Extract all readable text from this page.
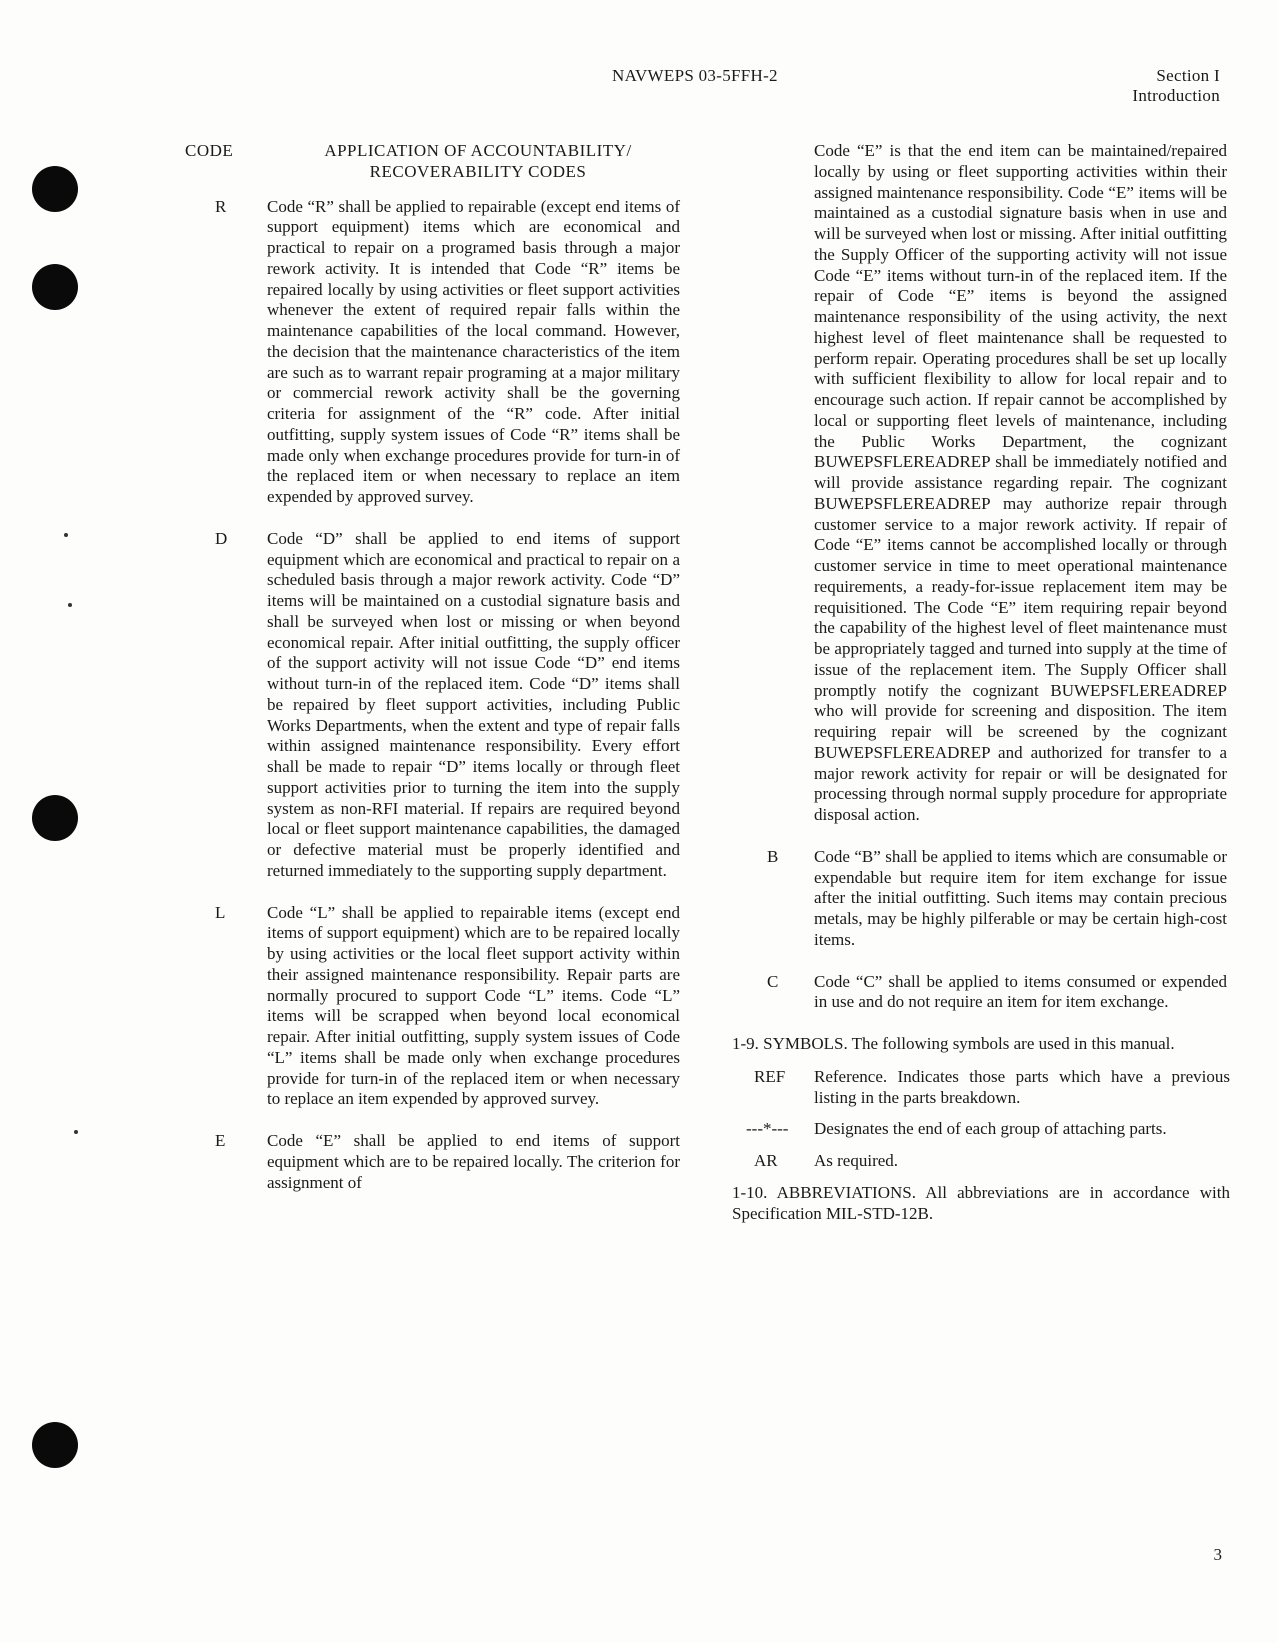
NAVWEPS 03-5FFH-2	Section I
Introduction
CODE	APPLICATION OF ACCOUNTABILITY/
RECOVERABILITY CODES
R	Code “R” shall be applied to repairable (except end items of support equipment) items which are economical and practical to repair on a programed basis through a major rework activity. It is intended that Code “R” items be repaired locally by using activities or fleet support activities whenever the extent of required repair falls within the maintenance capabilities of the local command. However, the decision that the maintenance characteristics of the item are such as to warrant repair programing at a major military or commercial rework activity shall be the governing criteria for assignment of the “R” code. After initial outfitting, supply system issues of Code “R” items shall be made only when exchange procedures provide for turn-in of the replaced item or when necessary to replace an item expended by approved survey.
D	Code “D” shall be applied to end items of support equipment which are economical and practical to repair on a scheduled basis through a major rework activity. Code “D” items will be maintained on a custodial signature basis and shall be surveyed when lost or missing or when beyond economical repair. After initial outfitting, the supply officer of the support activity will not issue Code “D” end items without turn-in of the replaced item. Code “D” items shall be repaired by fleet support activities, including Public Works Departments, when the extent and type of repair falls within assigned maintenance responsibility. Every effort shall be made to repair “D” items locally or through fleet support activities prior to turning the item into the supply system as non-RFI material. If repairs are required beyond local or fleet support maintenance capabilities, the damaged or defective material must be properly identified and returned immediately to the supporting supply department.
L	Code “L” shall be applied to repairable items (except end items of support equipment) which are to be repaired locally by using activities or the local fleet support activity within their assigned maintenance responsibility. Repair parts are normally procured to support Code “L” items. Code “L” items will be scrapped when beyond local economical repair. After initial outfitting, supply system issues of Code “L” items shall be made only when exchange procedures provide for turn-in of the replaced item or when necessary to replace an item expended by approved survey.
E	Code “E” shall be applied to end items of support equipment which are to be repaired locally. The criterion for assignment of
Code “E” is that the end item can be maintained/repaired locally by using or fleet supporting activities within their assigned maintenance responsibility. Code “E” items will be maintained as a custodial signature basis when in use and will be surveyed when lost or missing. After initial outfitting the Supply Officer of the supporting activity will not issue Code “E” items without turn-in of the replaced item. If the repair of Code “E” items is beyond the assigned maintenance responsibility of the using activity, the next highest level of fleet maintenance shall be requested to perform repair. Operating procedures shall be set up locally with sufficient flexibility to allow for local repair and to encourage such action. If repair cannot be accomplished by local or supporting fleet levels of maintenance, including the Public Works Department, the cognizant BUWEPSFLEREADREP shall be immediately notified and will provide assistance regarding repair. The cognizant BUWEPSFLEREADREP may authorize repair through customer service to a major rework activity. If repair of Code “E” items cannot be accomplished locally or through customer service in time to meet operational maintenance requirements, a ready-for-issue replacement item may be requisitioned. The Code “E” item requiring repair beyond the capability of the highest level of fleet maintenance must be appropriately tagged and turned into supply at the time of issue of the replacement item. The Supply Officer shall promptly notify the cognizant BUWEPSFLEREADREP who will provide for screening and disposition. The item requiring repair will be screened by the cognizant BUWEPSFLEREADREP and authorized for transfer to a major rework activity for repair or will be designated for processing through normal supply procedure for appropriate disposal action.
B	Code “B” shall be applied to items which are consumable or expendable but require item for item exchange for issue after the initial outfitting. Such items may contain precious metals, may be highly pilferable or may be certain high-cost items.
C	Code “C” shall be applied to items consumed or expended in use and do not require an item for item exchange.
1-9. SYMBOLS. The following symbols are used in this manual.
REF	Reference. Indicates those parts which have a previous listing in the parts breakdown.
---*---	Designates the end of each group of attaching parts.
AR	As required.
1-10. ABBREVIATIONS. All abbreviations are in accordance with Specification MIL-STD-12B.
3
